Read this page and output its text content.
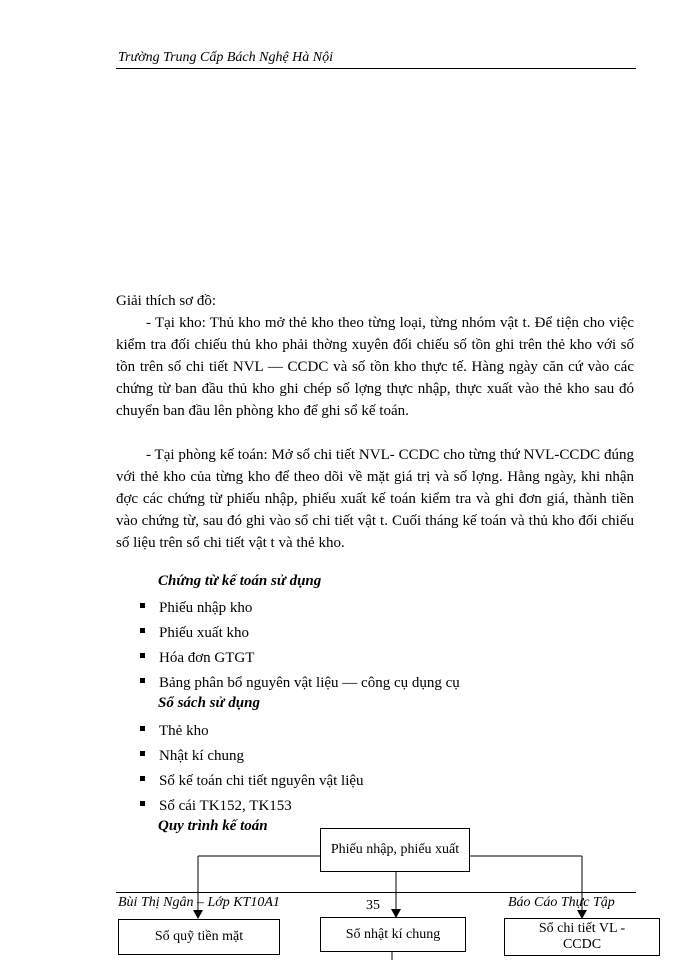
Trường Trung Cấp Bách Nghệ Hà Nội
Giải thích sơ đồ:
- Tại kho: Thủ kho mở thẻ kho theo từng loại, từng nhóm vật t. Để tiện cho việc kiểm tra đối chiếu thủ kho phải thờng xuyên đối chiếu số tồn ghi trên thẻ kho với số tồn trên sổ chi tiết NVL — CCDC và số tồn kho thực tế. Hàng ngày căn cứ vào các chứng từ ban đầu thủ kho ghi chép số lợng thực nhập, thực xuất vào thẻ kho sau đó chuyển ban đầu lên phòng kho để ghi sổ kế toán.
- Tại phòng kế toán: Mở sổ chi tiết NVL- CCDC cho từng thứ NVL-CCDC đúng với thẻ kho của từng kho để theo dõi về mặt giá trị và số lợng. Hằng ngày, khi nhận đợc các chứng từ phiếu nhập, phiếu xuất kế toán kiểm tra và ghi đơn giá, thành tiền vào chứng từ, sau đó ghi vào sổ chi tiết vật t. Cuối tháng kế toán và thủ kho đối chiếu số liệu trên sổ chi tiết vật t và thẻ kho.
Chứng từ kế toán sử dụng
Phiếu nhập kho
Phiếu xuất kho
Hóa đơn GTGT
Bảng phân bổ nguyên vật liệu — công cụ dụng cụ
Sổ sách sử dụng
Thẻ kho
Nhật kí chung
Sổ kế toán chi tiết nguyên vật liệu
Sổ cái TK152, TK153
Quy trình kế toán
Phiếu nhập, phiếu xuất
Sổ quỹ tiền mặt	Sổ nhật kí chung	Sổ chi tiết VL - CCDC
Bùi Thị Ngân – Lớp KT10A1	35	Báo Cáo Thực Tập
